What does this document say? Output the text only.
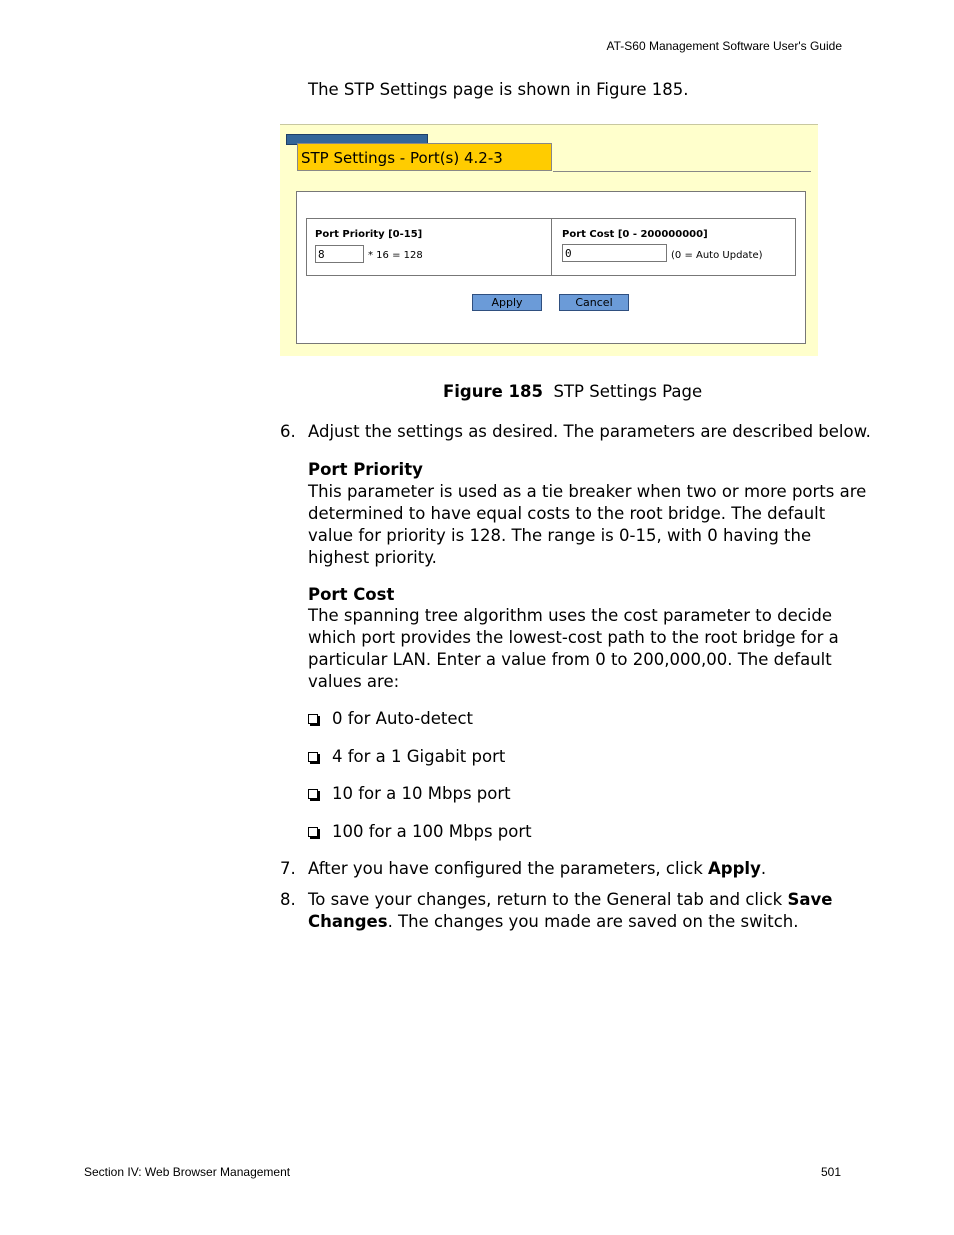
AT-S60 Management Software User's Guide
The STP Settings page is shown in Figure 185.
STP Settings - Port(s) 4.2-3
Port Priority [0-15]
8	* 16 = 128
Port Cost [0 - 200000000]
0	(0 = Auto Update)
Apply	Cancel
Figure 185 STP Settings Page
6. Adjust the settings as desired. The parameters are described below.
Port Priority
This parameter is used as a tie breaker when two or more ports are
determined to have equal costs to the root bridge. The default
value for priority is 128. The range is 0-15, with 0 having the
highest priority.
Port Cost
The spanning tree algorithm uses the cost parameter to decide
which port provides the lowest-cost path to the root bridge for a
particular LAN. Enter a value from 0 to 200,000,00. The default
values are:
0 for Auto-detect
4 for a 1 Gigabit port
10 for a 10 Mbps port
100 for a 100 Mbps port
7. After you have configured the parameters, click Apply.
8. To save your changes, return to the General tab and click Save
Changes. The changes you made are saved on the switch.
Section IV: Web Browser Management	501
